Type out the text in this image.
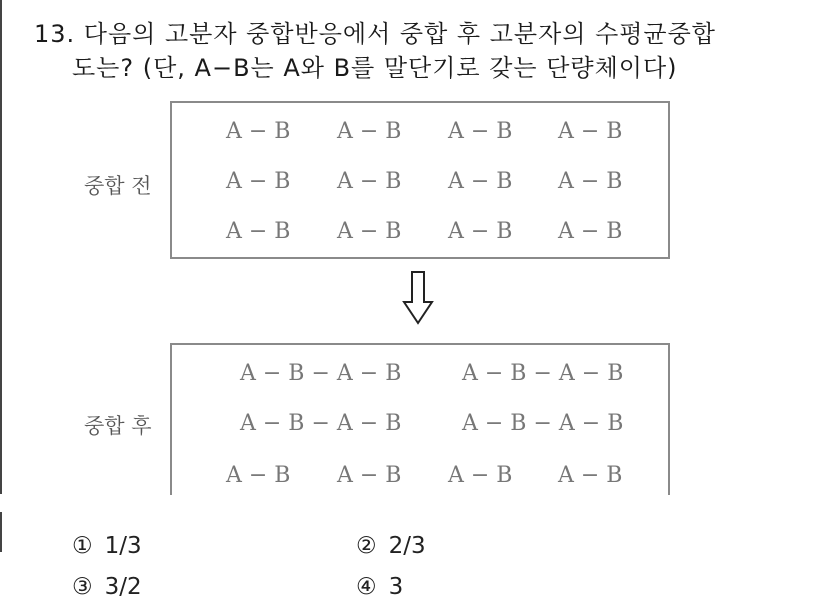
13. 다음의 고분자 중합반응에서 중합 후 고분자의 수평균중합
도는? (단, A−B는 A와 B를 말단기로 갖는 단량체이다)
중합 전
A − B A − B A − B A − B
A − B A − B A − B A − B
A − B A − B A − B A − B
중합 후
A − B − A − B	A − B − A − B
A − B − A − B	A − B − A − B
A − B A − B A − B A − B
① 1/3	② 2/3
③ 3/2	④ 3
